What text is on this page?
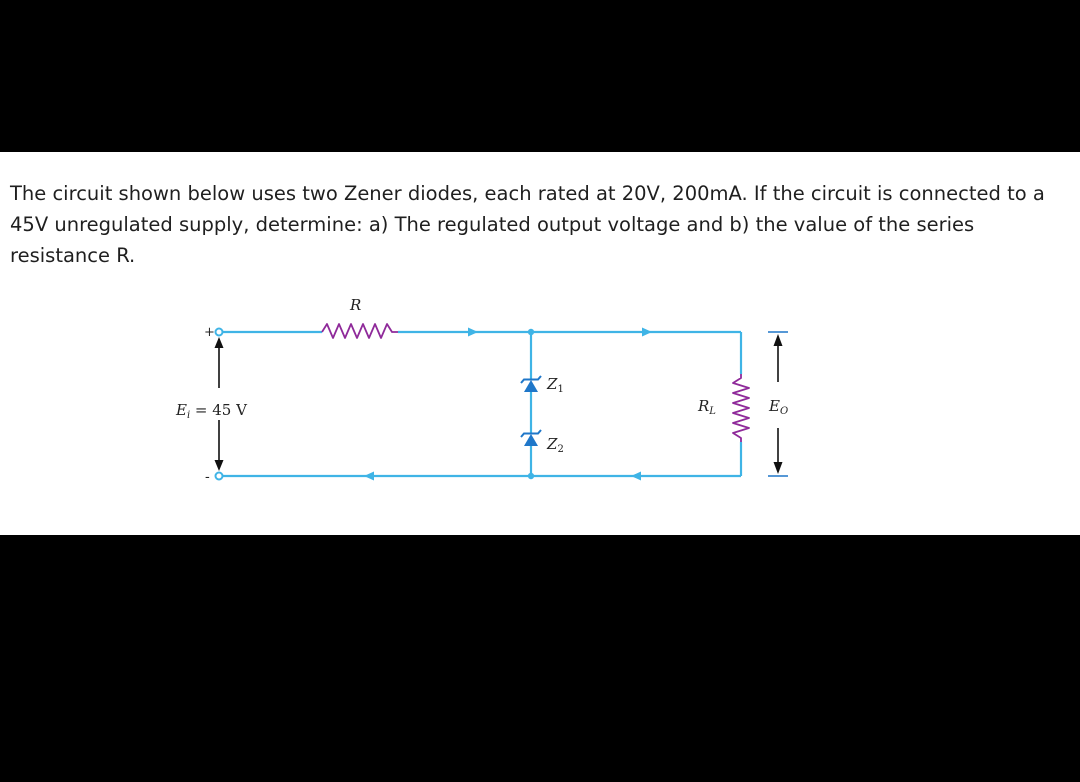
The circuit shown below uses two Zener diodes, each rated at 20V, 200mA. If the circuit is connected to a 45V unregulated supply, determine: a) The regulated output voltage and b) the value of the series resistance R.

+
-
R
$E_i = 45$ V
$Z_1$
$Z_2$
$R_L$	$E_O$
